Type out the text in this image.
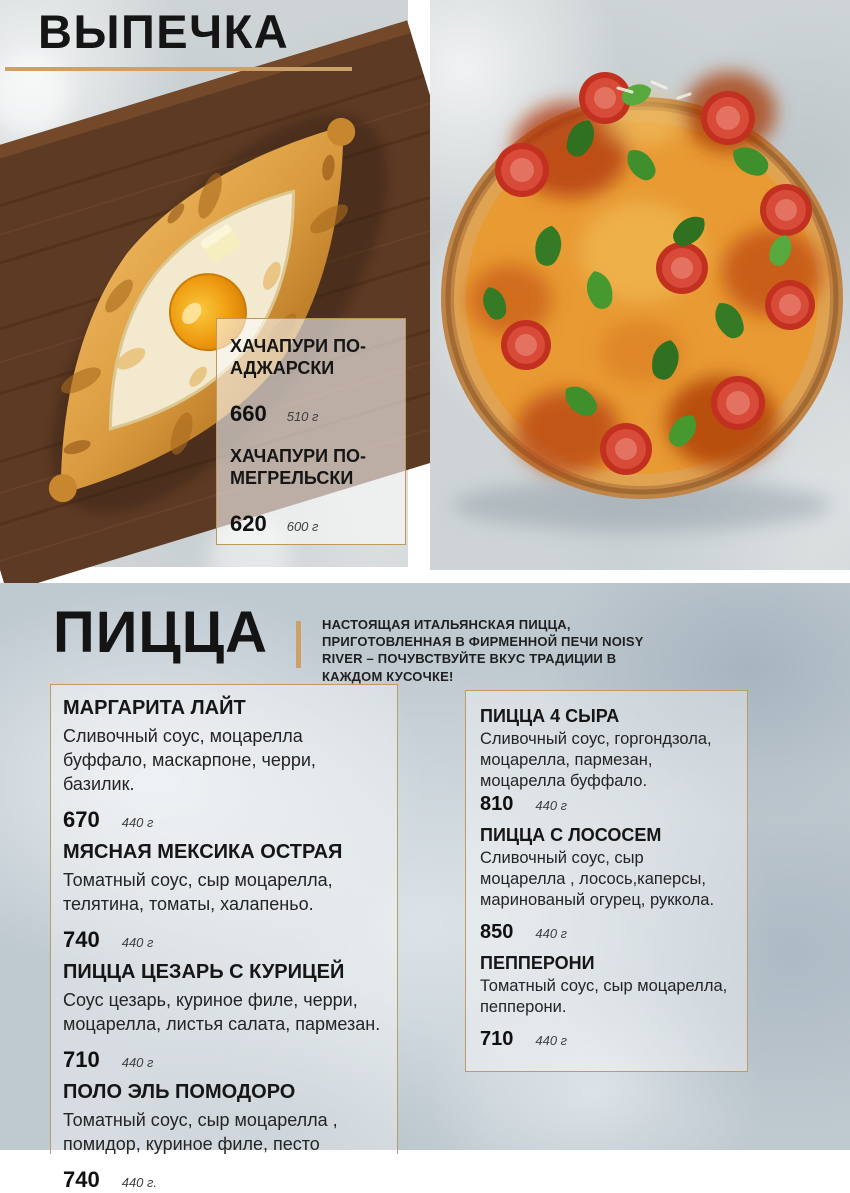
ВЫПЕЧКА
ХАЧАПУРИ ПО-АДЖАРСКИ
660 510 г
ХАЧАПУРИ ПО-МЕГРЕЛЬСКИ
620 600 г
ПИЦЦА	НАСТОЯЩАЯ ИТАЛЬЯНСКАЯ ПИЦЦА, ПРИГОТОВЛЕННАЯ В ФИРМЕННОЙ ПЕЧИ NOISY RIVER – ПОЧУВСТВУЙТЕ ВКУС ТРАДИЦИИ В КАЖДОМ КУСОЧКЕ!

МАРГАРИТА ЛАЙТ
Сливочный соус, моцарелла буффало, маскарпоне, черри, базилик.
670 440 г
МЯСНАЯ МЕКСИКА ОСТРАЯ
Томатный соус, сыр моцарелла, телятина, томаты, халапеньо.
740 440 г
ПИЦЦА ЦЕЗАРЬ С КУРИЦЕЙ
Соус цезарь, куриное филе, черри, моцарелла, листья салата, пармезан.
710 440 г
ПОЛО ЭЛЬ ПОМОДОРО
Томатный соус, сыр моцарелла , помидор, куриное филе, песто
740 440 г.
ПИЦЦА 4 СЫРА
Сливочный соус, горгондзола, моцарелла, пармезан, моцарелла буффало.
810 440 г
ПИЦЦА С ЛОСОСЕМ
Сливочный соус, сыр моцарелла , лосось,каперсы, маринованый огурец, руккола.
850 440 г
ПЕППЕРОНИ
Томатный соус, сыр моцарелла, пепперони.
710 440 г
